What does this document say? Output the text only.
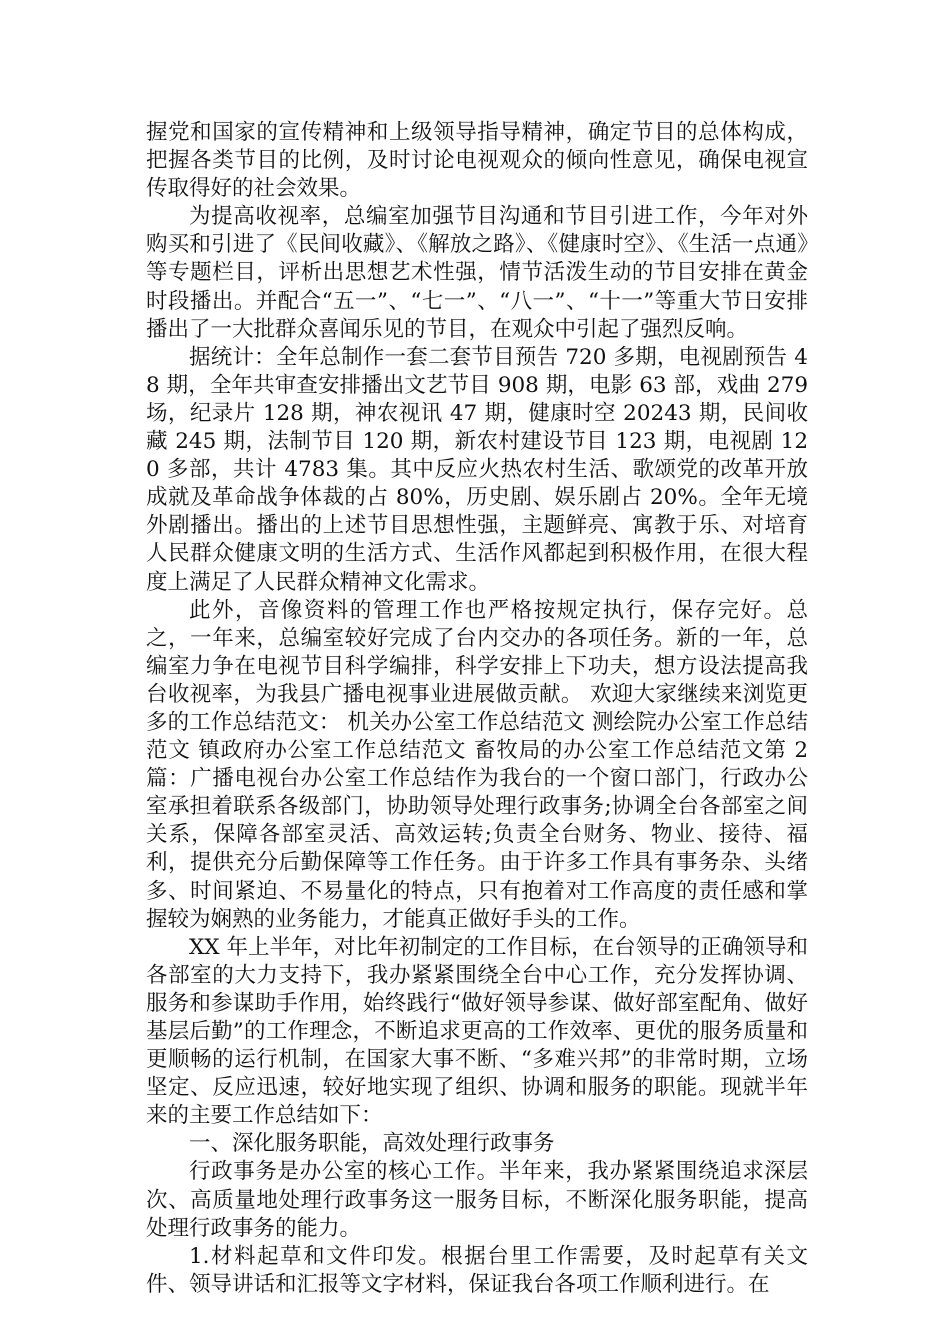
握党和国家的宣传精神和上级领导指导精神，确定节目的总体构成，把握各类节目的比例，及时讨论电视观众的倾向性意见，确保电视宣传取得好的社会效果。

为提高收视率，总编室加强节目沟通和节目引进工作，今年对外购买和引进了《民间收藏》、《解放之路》、《健康时空》、《生活一点通》等专题栏目，评析出思想艺术性强，情节活泼生动的节目安排在黄金时段播出。并配合“五一”、“七一”、“八一”、“十一”等重大节日安排播出了一大批群众喜闻乐见的节目，在观众中引起了强烈反响。

据统计：全年总制作一套二套节目预告 720 多期，电视剧预告 48 期，全年共审查安排播出文艺节目 908 期，电影 63 部，戏曲 279 场，纪录片 128 期，神农视讯 47 期，健康时空 20243 期，民间收藏 245 期，法制节目 120 期，新农村建设节目 123 期，电视剧 120 多部，共计 4783 集。其中反应火热农村生活、歌颂党的改革开放成就及革命战争体裁的占 80%，历史剧、娱乐剧占 20%。全年无境外剧播出。播出的上述节目思想性强，主题鲜亮、寓教于乐、对培育人民群众健康文明的生活方式、生活作风都起到积极作用，在很大程度上满足了人民群众精神文化需求。

此外，音像资料的管理工作也严格按规定执行，保存完好。总之，一年来，总编室较好完成了台内交办的各项任务。新的一年，总编室力争在电视节目科学编排，科学安排上下功夫，想方设法提高我台收视率，为我县广播电视事业进展做贡献。 欢迎大家继续来浏览更多的工作总结范文： 机关办公室工作总结范文 测绘院办公室工作总结范文 镇政府办公室工作总结范文 畜牧局的办公室工作总结范文第 2 篇：广播电视台办公室工作总结作为我台的一个窗口部门，行政办公室承担着联系各级部门，协助领导处理行政事务;协调全台各部室之间关系，保障各部室灵活、高效运转;负责全台财务、物业、接待、福利，提供充分后勤保障等工作任务。由于许多工作具有事务杂、头绪多、时间紧迫、不易量化的特点，只有抱着对工作高度的责任感和掌握较为娴熟的业务能力，才能真正做好手头的工作。

XX 年上半年，对比年初制定的工作目标，在台领导的正确领导和各部室的大力支持下，我办紧紧围绕全台中心工作，充分发挥协调、服务和参谋助手作用，始终践行“做好领导参谋、做好部室配角、做好基层后勤”的工作理念，不断追求更高的工作效率、更优的服务质量和更顺畅的运行机制，在国家大事不断、“多难兴邦”的非常时期，立场坚定、反应迅速，较好地实现了组织、协调和服务的职能。现就半年来的主要工作总结如下：

一、深化服务职能，高效处理行政事务

行政事务是办公室的核心工作。半年来，我办紧紧围绕追求深层次、高质量地处理行政事务这一服务目标，不断深化服务职能，提高处理行政事务的能力。

1.材料起草和文件印发。根据台里工作需要，及时起草有关文件、领导讲话和汇报等文字材料，保证我台各项工作顺利进行。在
